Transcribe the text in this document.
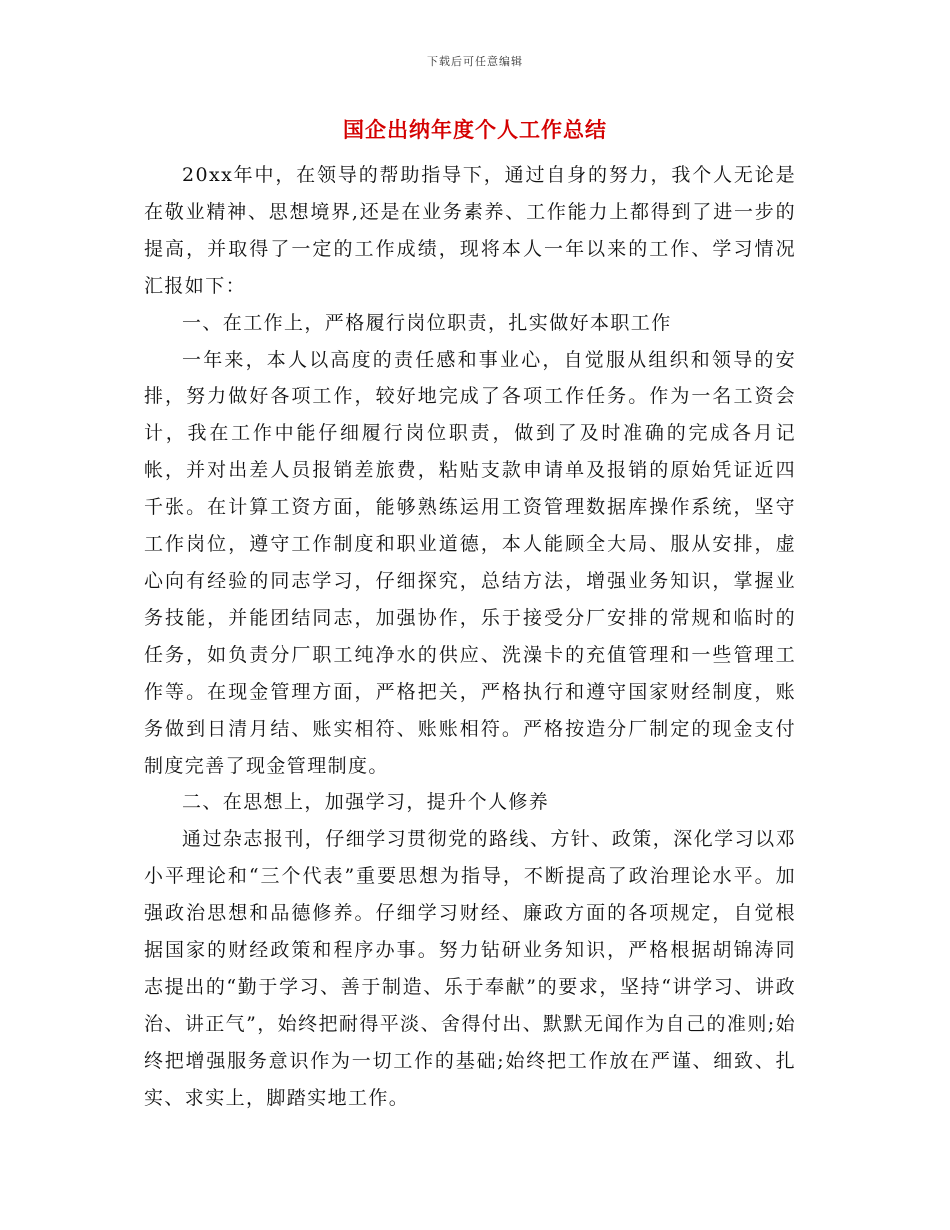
下载后可任意编辑
国企出纳年度个人工作总结

20xx年中，在领导的帮助指导下，通过自身的努力，我个人无论是在敬业精神、思想境界,还是在业务素养、工作能力上都得到了进一步的提高，并取得了一定的工作成绩，现将本人一年以来的工作、学习情况汇报如下：

一、在工作上，严格履行岗位职责，扎实做好本职工作

一年来，本人以高度的责任感和事业心，自觉服从组织和领导的安排，努力做好各项工作，较好地完成了各项工作任务。作为一名工资会计，我在工作中能仔细履行岗位职责，做到了及时准确的完成各月记帐，并对出差人员报销差旅费，粘贴支款申请单及报销的原始凭证近四千张。在计算工资方面，能够熟练运用工资管理数据库操作系统，坚守工作岗位，遵守工作制度和职业道德，本人能顾全大局、服从安排，虚心向有经验的同志学习，仔细探究，总结方法，增强业务知识，掌握业务技能，并能团结同志，加强协作，乐于接受分厂安排的常规和临时的任务，如负责分厂职工纯净水的供应、洗澡卡的充值管理和一些管理工作等。在现金管理方面，严格把关，严格执行和遵守国家财经制度，账务做到日清月结、账实相符、账账相符。严格按造分厂制定的现金支付制度完善了现金管理制度。

二、在思想上，加强学习，提升个人修养

通过杂志报刊，仔细学习贯彻党的路线、方针、政策，深化学习以邓小平理论和“三个代表”重要思想为指导，不断提高了政治理论水平。加强政治思想和品德修养。仔细学习财经、廉政方面的各项规定，自觉根据国家的财经政策和程序办事。努力钻研业务知识，严格根据胡锦涛同志提出的“勤于学习、善于制造、乐于奉献”的要求，坚持“讲学习、讲政治、讲正气”，始终把耐得平淡、舍得付出、默默无闻作为自己的准则;始终把增强服务意识作为一切工作的基础;始终把工作放在严谨、细致、扎实、求实上，脚踏实地工作。
